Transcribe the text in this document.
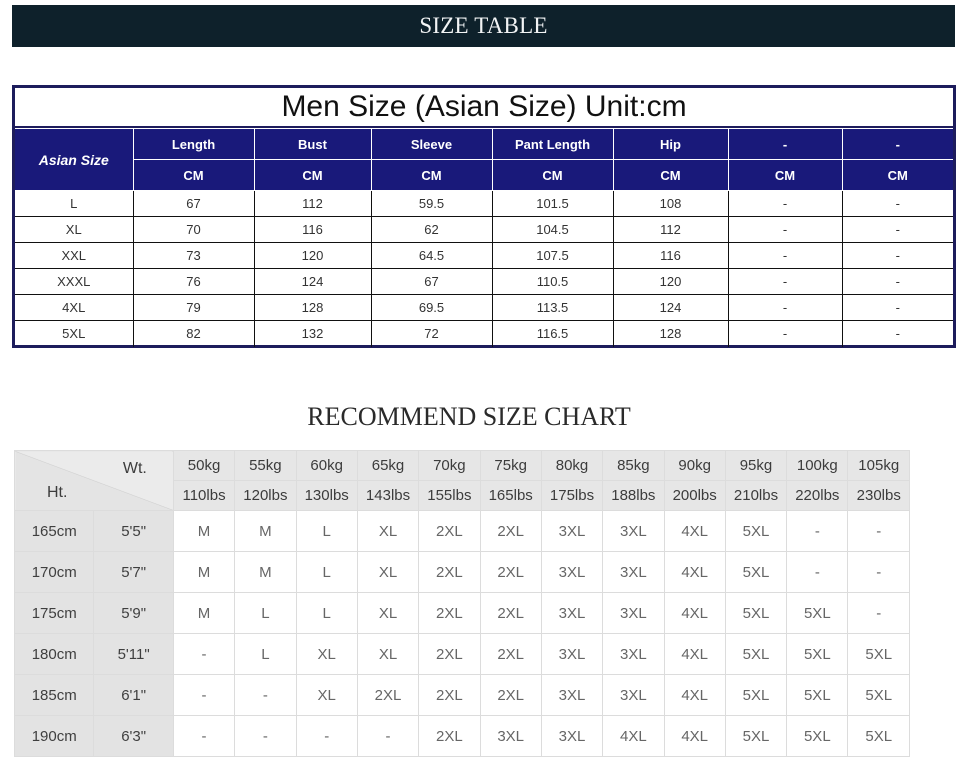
SIZE TABLE
Men Size (Asian Size) Unit:cm
Asian Size	Length	Bust	Sleeve	Pant Length	Hip	-	-
	CM	CM	CM	CM	CM	CM	CM
L	67	112	59.5	101.5	108	-	-
XL	70	116	62	104.5	112	-	-
XXL	73	120	64.5	107.5	116	-	-
XXXL	76	124	67	110.5	120	-	-
4XL	79	128	69.5	113.5	124	-	-
5XL	82	132	72	116.5	128	-	-
RECOMMEND SIZE CHART
Wt.
Ht.		50kg	55kg	60kg	65kg	70kg	75kg	80kg	85kg	90kg	95kg	100kg	105kg
		110lbs	120lbs	130lbs	143lbs	155lbs	165lbs	175lbs	188lbs	200lbs	210lbs	220lbs	230lbs
165cm	5'5"	M	M	L	XL	2XL	2XL	3XL	3XL	4XL	5XL	-	-
170cm	5'7"	M	M	L	XL	2XL	2XL	3XL	3XL	4XL	5XL	-	-
175cm	5'9"	M	L	L	XL	2XL	2XL	3XL	3XL	4XL	5XL	5XL	-
180cm	5'11"	-	L	XL	XL	2XL	2XL	3XL	3XL	4XL	5XL	5XL	5XL
185cm	6'1"	-	-	XL	2XL	2XL	2XL	3XL	3XL	4XL	5XL	5XL	5XL
190cm	6'3"	-	-	-	-	2XL	3XL	3XL	4XL	4XL	5XL	5XL	5XL
